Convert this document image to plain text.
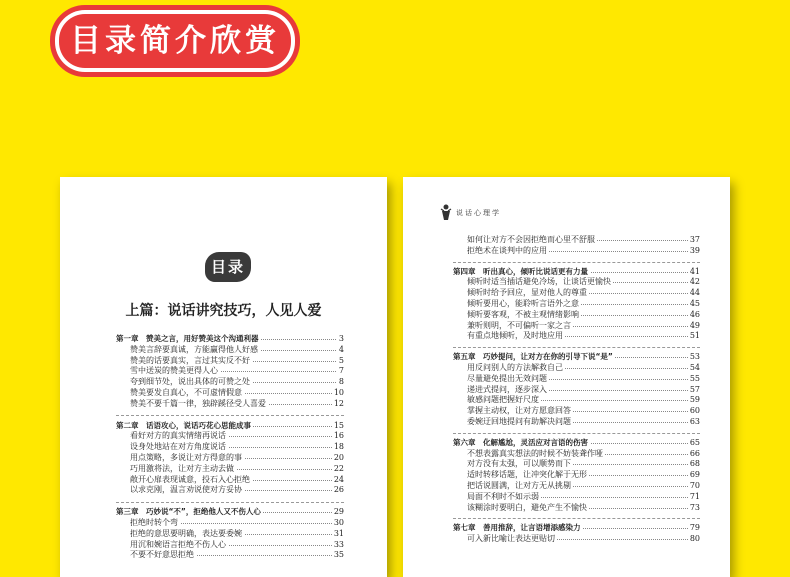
目录简介欣赏
目录
上篇：说话讲究技巧，人见人爱
第一章　赞美之言，用好赞美这个沟通利器	3
赞美言辞要真诚，方能赢得他人好感	4
赞美的话要真实，言过其实反不好	5
雪中送炭的赞美更得人心	7
夸到细节处，说出具体的可赞之处	8
赞美要发自真心，不可虚情假意	10
赞美不要千篇一律，独辟蹊径受人喜爱	12
第二章　话语攻心，说话巧花心思能成事	15
看好对方的真实情绪再说话	16
设身处地站在对方角度说话	18
用点策略，多说让对方得意的事	20
巧用激将法，让对方主动去做	22
敞开心扉表现诚意，投石入心拒绝	24
以求克刚，温言劝说使对方妥协	26
第三章　巧妙说“不”，拒绝他人又不伤人心	29
拒绝时转个弯	30
拒绝的意思要明确，表达要委婉	31
用沉和婉语言拒绝不伤人心	33
不要不好意思拒绝	35
说话心理学
如何让对方不会因拒绝而心里不舒服	37
拒绝术在谈判中的应用	39
第四章　听出真心，倾听比说话更有力量	41
倾听时适当插话避免冷场，让谈话更愉快	42
倾听时给予回应，显对他人的尊重	44
倾听要用心，能聆听言语外之意	45
倾听要客观，不被主观情绪影响	46
兼听则明，不可偏听一家之言	49
有重点地倾听，及时地应用	51
第五章　巧妙提问，让对方在你的引导下说“是”	53
用反问别人的方法解救自己	54
尽量避免提出无效问题	55
递进式提问，逐步深入	57
敏感问题把握好尺度	59
掌握主动权，让对方愿意回答	60
委婉迂回地提问有助解决问题	63
第六章　化解尴尬，灵活应对言语的伤害	65
不想表露真实想法的时候不妨装聋作哑	66
对方没有太强，可以顺势而下	68
适时转移话题，让冲突化解于无形	69
把话说圆满，让对方无从挑剔	70
局面不利时不如示弱	71
该糊涂时要明白，避免产生不愉快	73
第七章　善用推辞，让言语增添感染力	79
可入新比喻让表达更贴切	80
